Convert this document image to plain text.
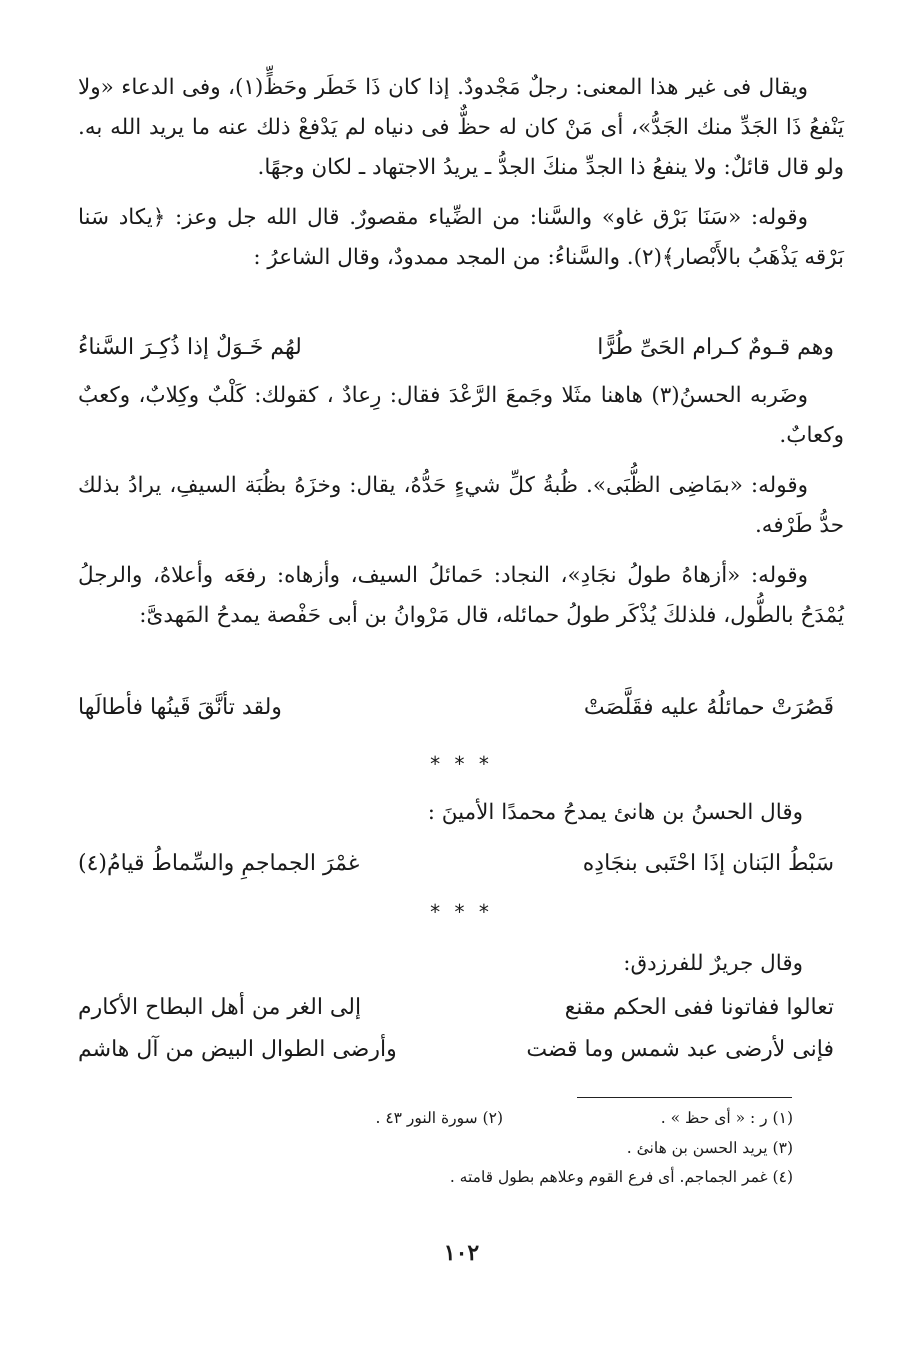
ويقال فى غير هذا المعنى: رجلٌ مَجْدودٌ. إذا كان ذَا خَطَر وحَظٍّ(١)، وفى الدعاء «ولا يَنْفعُ ذَا الجَدِّ منك الجَدُّ»، أى مَنْ كان له حظٌّ فى دنياه لم يَدْفعْ ذلك عنه ما يريد الله به. ولو قال قائلٌ: ولا ينفعُ ذا الجدِّ منكَ الجدُّ ـ يريدُ الاجتهاد ـ لكان وجهًا.

وقوله: «سَنَا بَرْق غاو» والسَّنا: من الضِّياء مقصورٌ. قال الله جل وعز: ﴿يكاد سَنا بَرْقه يَذْهَبُ بالأَبْصار﴾(٢). والسَّناءُ: من المجد ممدودٌ، وقال الشاعرُ :

وهم قـومٌ كـرام الحَىِّ طُرًّا
لهُم خَـوَلٌ إذا ذُكِـرَ السَّناءُ

وضَربه الحسنُ(٣) هاهنا مثَلا وجَمعَ الرَّعْدَ فقال: رِعادٌ ، كقولك: كَلْبٌ وكِلابٌ، وكعبٌ وكعابٌ.

وقوله: «بمَاضِى الظُّبَى». ظُبةُ كلِّ شيءٍ حَدُّهُ، يقال: وخزَهُ بظُبَة السيفِ، يرادُ بذلك حدُّ طَرْفه.

وقوله: «أزهاهُ طولُ نجَادِ»، النجاد: حَمائلُ السيف، وأزهاه: رفعَه وأعلاهُ، والرجلُ يُمْدَحُ بالطُّول، فلذلكَ يُذْكَر طولُ حمائله، قال مَرْوانُ بن أبى حَفْصة يمدحُ المَهدىَّ:

قَصُرَتْ حمائلُهُ عليه فقَلَّصَتْ
ولقد تأنَّقَ قَينُها فأطالَها
* * *
وقال الحسنُ بن هانئ يمدحُ محمدًا الأمينَ :
سَبْطُ البَنان إذَا احْتَبى بنجَادِه
غمْرَ الجماجمِ والسِّماطُ قيامُ(٤)
* * *
وقال جريرٌ للفرزدق:
تعالوا ففاتونا ففى الحكم مقنع
إلى الغر من أهل البطاح الأكارم
فإنى لأرضى عبد شمس وما قضت
وأرضى الطوال البيض من آل هاشم
(١) ر : « أى حظ » .
(٢) سورة النور ٤٣ .
(٣) يريد الحسن بن هانئ .
(٤) غمر الجماجم. أى فرع القوم وعلاهم بطول قامته .
١٠٢
